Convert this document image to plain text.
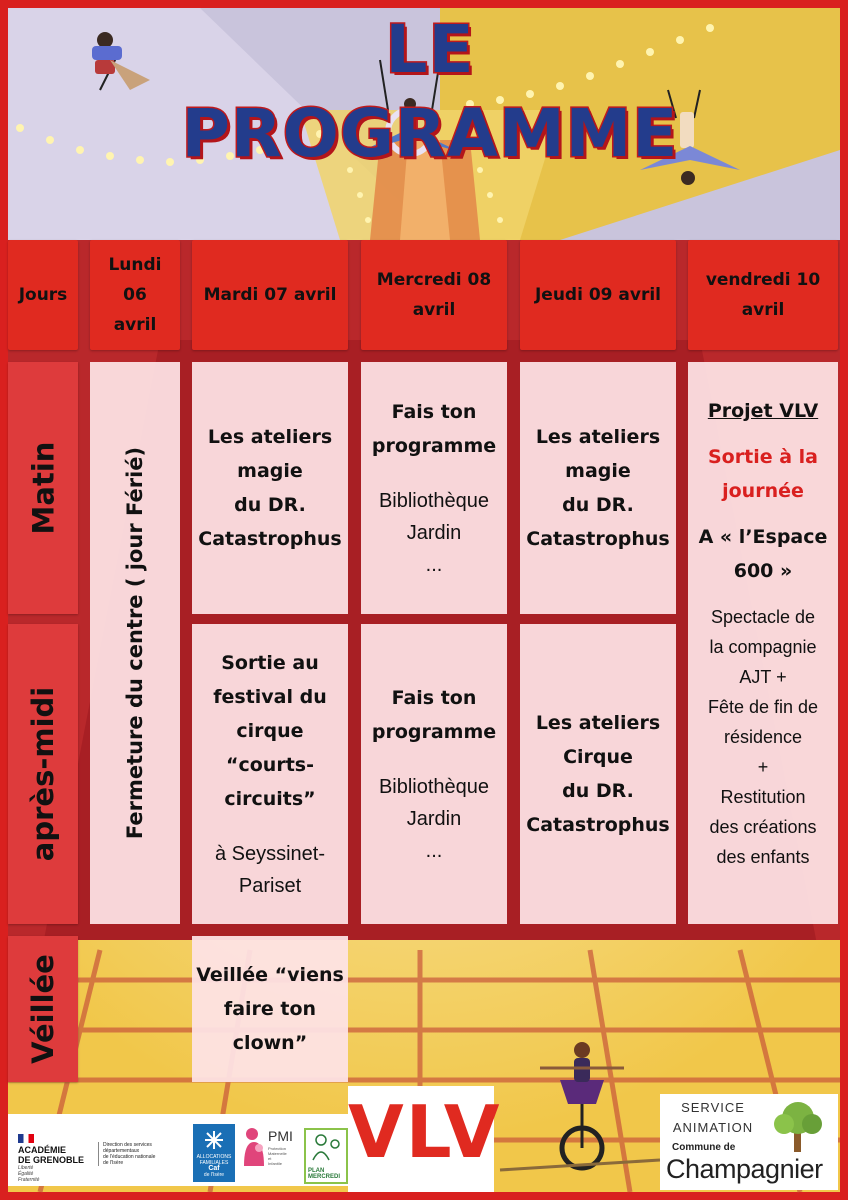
LE PROGRAMME
Jours
Lundi
06
avril
Mardi 07 avril
Mercredi 08
avril
Jeudi 09 avril
vendredi 10
avril
Matin
après-midi
Véillée
Fermeture du centre ( jour Férié)
Les ateliers
magie
du DR.
Catastrophus
Sortie au
festival du
cirque
“courts-
circuits”
à Seyssinet-
Pariset
Veillée “viens
faire ton
clown”
Fais ton
programme
Bibliothèque
Jardin
...
Fais ton
programme
Bibliothèque
Jardin
...
Les ateliers
magie
du DR.
Catastrophus
Les ateliers
Cirque
du DR.
Catastrophus
Projet VLV
Sortie à la
journée
A « l’Espace
600 »
Spectacle de
la compagnie
AJT +
Fête de fin de
résidence
+
Restitution
des créations
des enfants
ACADÉMIE
DE GRENOBLE
Liberté
Égalité
Fraternité
Direction des services départementaux
de l'éducation nationale
de l'Isère
ALLOCATIONS
FAMILIALES
Caf
de l'Isère
PMI
Protection
Maternelle
et
Infantile
PLAN
MERCREDI
VLV	SERVICE
ANIMATION
Commune de
Champagnier
